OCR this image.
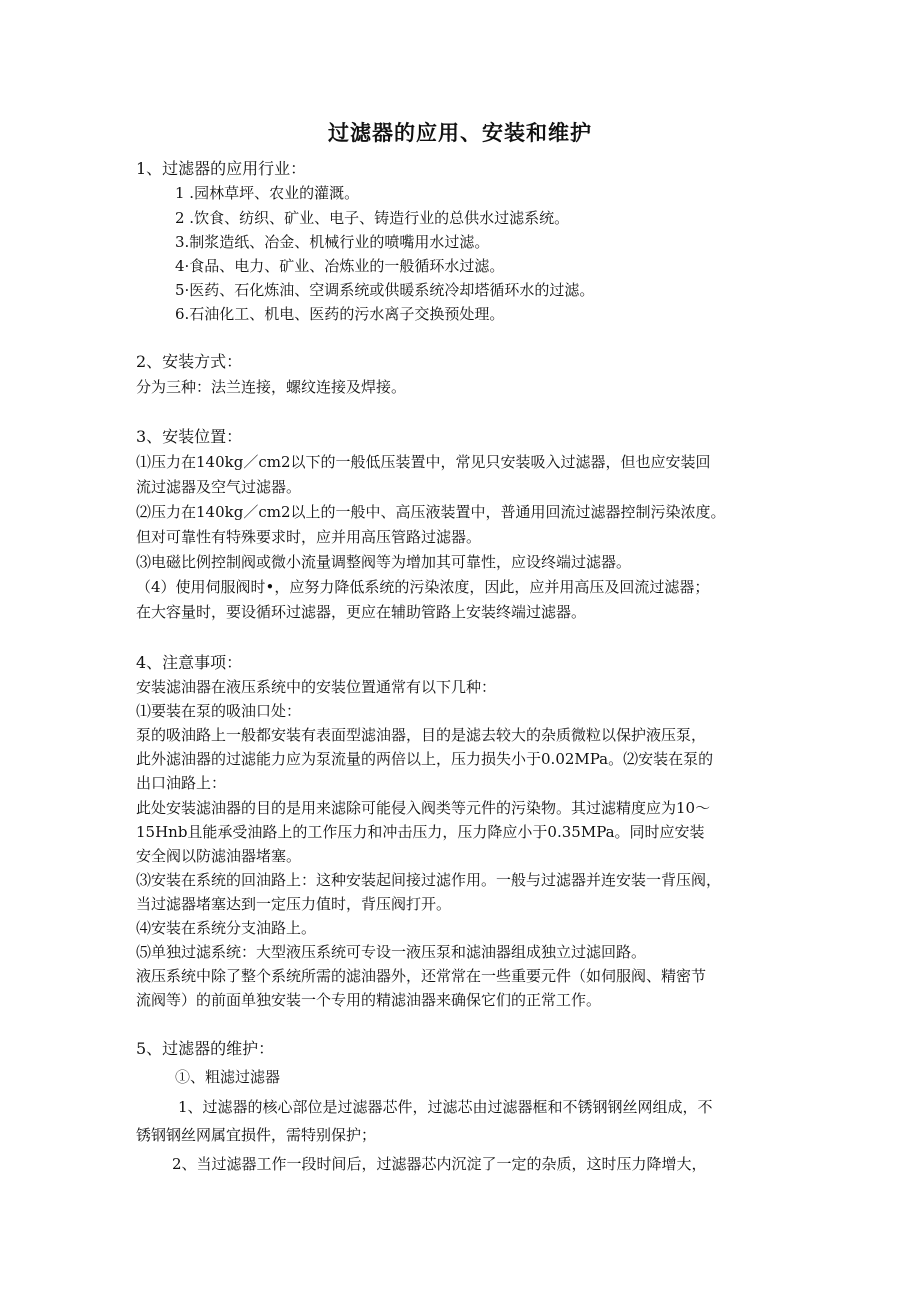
过滤器的应用、安装和维护
1、过滤器的应用行业：
1 .园林草坪、农业的灌溉。
2 .饮食、纺织、矿业、电子、铸造行业的总供水过滤系统。
3.制浆造纸、冶金、机械行业的喷嘴用水过滤。
4·食品、电力、矿业、冶炼业的一般循环水过滤。
5·医药、石化炼油、空调系统或供暖系统冷却塔循环水的过滤。
6.石油化工、机电、医药的污水离子交换预处理。
2、安装方式：
分为三种：法兰连接，螺纹连接及焊接。
3、安装位置：
⑴压力在140kg／cm2以下的一般低压装置中，常见只安装吸入过滤器，但也应安装回
流过滤器及空气过滤器。
⑵压力在140kg／cm2以上的一般中、高压液装置中，普通用回流过滤器控制污染浓度。
但对可靠性有特殊要求时，应并用高压管路过滤器。
⑶电磁比例控制阀或微小流量调整阀等为增加其可靠性，应设终端过滤器。
（4）使用伺服阀时•，应努力降低系统的污染浓度，因此，应并用高压及回流过滤器；
在大容量时，要设循环过滤器，更应在辅助管路上安装终端过滤器。
4、注意事项：
安装滤油器在液压系统中的安装位置通常有以下几种：
⑴要装在泵的吸油口处：
泵的吸油路上一般都安装有表面型滤油器，目的是滤去较大的杂质微粒以保护液压泵，
此外滤油器的过滤能力应为泵流量的两倍以上，压力损失小于0.02MPa。⑵安装在泵的
出口油路上：
此处安装滤油器的目的是用来滤除可能侵入阀类等元件的污染物。其过滤精度应为10～
15Hnb且能承受油路上的工作压力和冲击压力，压力降应小于0.35MPa。同时应安装
安全阀以防滤油器堵塞。
⑶安装在系统的回油路上：这种安装起间接过滤作用。一般与过滤器并连安装一背压阀，
当过滤器堵塞达到一定压力值时，背压阀打开。
⑷安装在系统分支油路上。
⑸单独过滤系统：大型液压系统可专设一液压泵和滤油器组成独立过滤回路。
液压系统中除了整个系统所需的滤油器外，还常常在一些重要元件（如伺服阀、精密节
流阀等）的前面单独安装一个专用的精滤油器来确保它们的正常工作。
5、过滤器的维护：
①、粗滤过滤器
1、过滤器的核心部位是过滤器芯件，过滤芯由过滤器框和不锈钢钢丝网组成，不
锈钢钢丝网属宜损件，需特别保护；
2、当过滤器工作一段时间后，过滤器芯内沉淀了一定的杂质，这时压力降增大，
